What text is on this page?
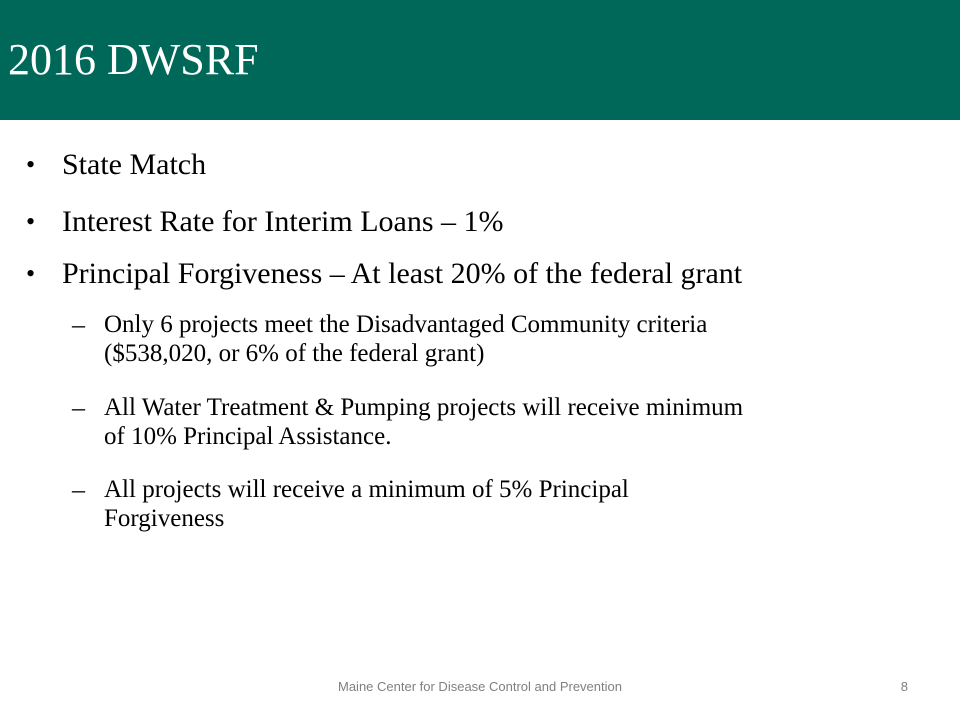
2016 DWSRF
• State Match
• Interest Rate for Interim Loans – 1%
• Principal Forgiveness – At least 20% of the federal grant
– Only 6 projects meet the Disadvantaged Community criteria
($538,020, or 6% of the federal grant)
– All Water Treatment & Pumping projects will receive minimum
of 10% Principal Assistance.
– All projects will receive a minimum of 5% Principal
Forgiveness
Maine Center for Disease Control and Prevention	8
